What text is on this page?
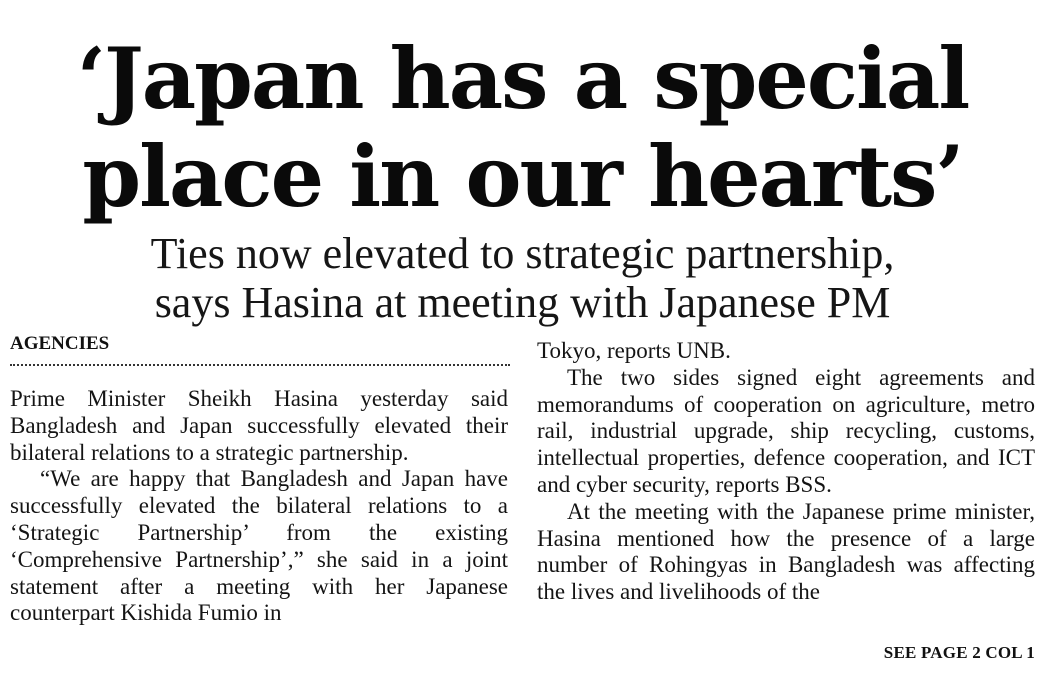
‘Japan has a special
place in our hearts’
Ties now elevated to strategic partnership,
says Hasina at meeting with Japanese PM
AGENCIES

Prime Minister Sheikh Hasina yesterday said Bangladesh and Japan successfully elevated their bilateral relations to a strategic partnership.

“We are happy that Bangladesh and Japan have successfully elevated the bilateral relations to a ‘Strategic Partnership’ from the existing ‘Comprehensive Partnership’,” she said in a joint statement after a meeting with her Japanese counterpart Kishida Fumio in

Tokyo, reports UNB.

The two sides signed eight agreements and memorandums of cooperation on agriculture, metro rail, industrial upgrade, ship recycling, customs, intellectual properties, defence cooperation, and ICT and cyber security, reports BSS.

At the meeting with the Japanese prime minister, Hasina mentioned how the presence of a large number of Rohingyas in Bangladesh was affecting the lives and livelihoods of the

SEE PAGE 2 COL 1
